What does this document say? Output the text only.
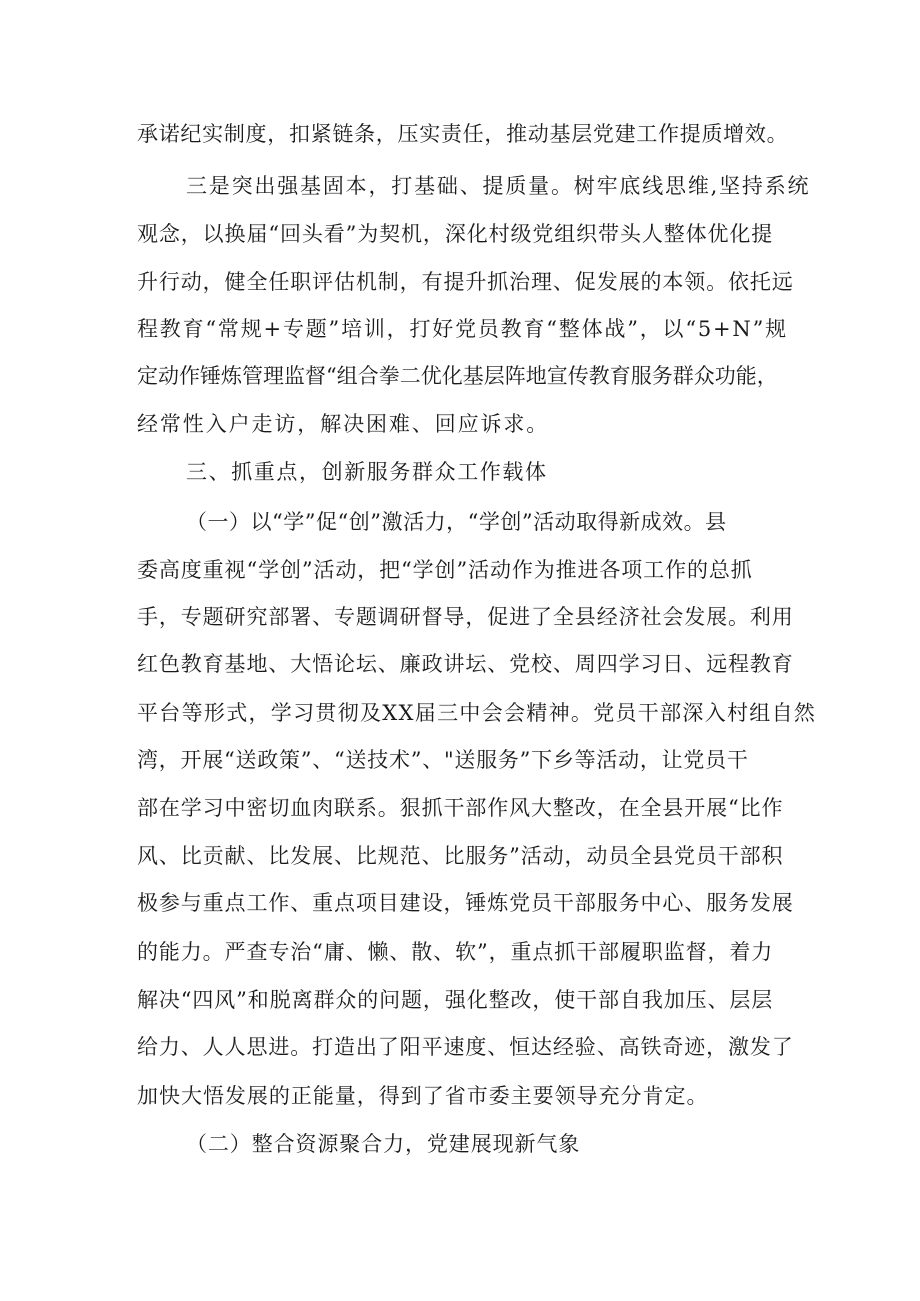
承诺纪实制度，扣紧链条，压实责任，推动基层党建工作提质增效。
三是突出强基固本，打基础、提质量。树牢底线思维,坚持系统
观念，以换届“回头看”为契机，深化村级党组织带头人整体优化提
升行动，健全任职评估机制，有提升抓治理、促发展的本领。依托远
程教育“常规+专题”培训，打好党员教育“整体战”，以“5+N”规
定动作锤炼管理监督“组合拳二优化基层阵地宣传教育服务群众功能，
经常性入户走访，解决困难、回应诉求。
三、抓重点，创新服务群众工作载体
（一）以“学”促“创”激活力，“学创”活动取得新成效。县
委高度重视“学创”活动，把“学创”活动作为推进各项工作的总抓
手，专题研究部署、专题调研督导，促进了全县经济社会发展。利用
红色教育基地、大悟论坛、廉政讲坛、党校、周四学习日、远程教育
平台等形式，学习贯彻及XX届三中会会精神。党员干部深入村组自然
湾，开展“送政策”、“送技术”、"送服务”下乡等活动，让党员干
部在学习中密切血肉联系。狠抓干部作风大整改，在全县开展“比作
风、比贡献、比发展、比规范、比服务”活动，动员全县党员干部积
极参与重点工作、重点项目建设，锤炼党员干部服务中心、服务发展
的能力。严查专治“庸、懒、散、软”，重点抓干部履职监督，着力
解决“四风”和脱离群众的问题，强化整改，使干部自我加压、层层
给力、人人思进。打造出了阳平速度、恒达经验、高铁奇迹，激发了
加快大悟发展的正能量，得到了省市委主要领导充分肯定。
（二）整合资源聚合力，党建展现新气象
